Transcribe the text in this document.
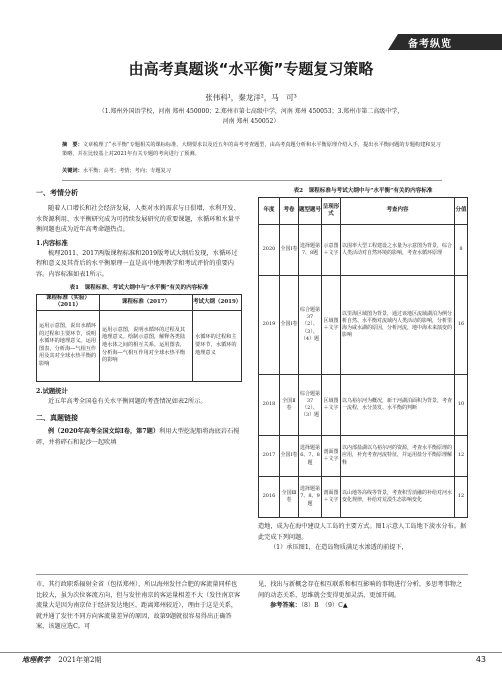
备考纵览
由高考真题谈“水平衡”专题复习策略
张伟科¹，秦龙洋²，马　可³
（1.郑州外国语学校，河南 郑州 450000；2.郑州市第七高级中学，河南 郑州 450053；3.郑州市第二高级中学，
河南 郑州 450052）
摘　要：文章梳理了“水平衡”专题相关的课标标准、大纲要求以及近五年的高考考查题型，由高考真题分析和水平衡原理介绍入手，提出水平衡问题的专题构建和复习策略，并在比较基上对2021年有关专题的考向进行了预测。
关键词：水平衡；高考；考情；考向；专题复习
一、考情分析
随着人口增长和社会经济发展，人类对水的需求与日俱增，水利开发、水资源利用、水平衡研究成为可持续发展研究的重要课题，水循环和水量平衡问题也成为近年高考命题热点。
1.内容标准
梳理2011、2017两版课程标准和2019版考试大纲后发现，水循环过程和意义及其背后的水平衡原理一直是高中地理教学和考试评价的重要内容。内容标准如表1所示。
表1　课程标准、考试大纲中与“水平衡”有关的内容标准
课程标准（实验）（2011）	课程标准（2017）	考试大纲（2019）
运用示意图，说出水循环的过程和主要环节，说明水循环的地理意义。运用图表，分析海—气相互作用及其对全球水热平衡的影响	运用示意图，说明水循环的过程及其地理意义。绘制示意图，解释各类陆地水体之间的相互关系。运用图表，分析海—气相互作用对全球水热平衡的影响	水循环的过程和主要环节，水循环的地理意义
2.试题统计
近五年高考全国卷有关水平衡问题的考查情况如表2所示。
二、真题链接
例（2020年高考全国文综Ⅰ卷，第7题）利用大型挖泥船将海底岩石搅碎，并将碎石和泥沙一起吹填
表2　课程标准与考试大纲中与“水平衡”有关的内容标准
年度	考卷	题型题号	呈现形式	考查内容	分值
2020	全国Ⅰ卷	选择题第7、8题	示意图＋文字	以围率大型工程建设之水量为示意图为背景，综合人类活动对自然环境的影响，考查水循环原理	8
2019	全国Ⅰ卷	综合题第37（2）、（3）、（4）题	区域图＋文字	以里海区域图为背景，通过该地区流域湖泊为例分析自然、水平衡对流域内人类活动的影响，分析里海为咸水湖的原因，分析河流，地中海未来演变的影响	16
2018	全国Ⅱ卷	综合题第37（2）、（3）题	区域图＋文字	以乌裕尔河为概况，新干河湖泊面积为背景，考查一流程，水分蒸发、水平衡的判断	10
2017	全国Ⅰ卷	选择题第6、7、8题	剖面图＋文字	以内部盐湖以乌裕尔河的资源，考查水平衡原理的应用，补充考查河流特征，并运用盐分平衡原理解释	12
2016	全国Ⅲ卷	选择题第7、8、9题	剖面图＋文字	以山地等高线等背景，考查积雪消融的补给对河水变化规律，补给对荒漠生态影响变化	12
造地，成为在海中建设人工岛的主要方式。图1示意人工岛地下淡水分布。据此完成下列问题。
（1）承压图1，在造岛物质满足水渗透的前提下，
市，其行政职系辐射全省（包括郑州），所以海州发往合肥的客流量同样也比较大，虽为次位客流方向，但与发往南京的客运量相差不大（发往南京客流量大是因为南京位于经济发达地区，距离郑州较近），理由于这是关系，就并通了发往不同方向客流量差异的原因，故第9题就很容易得出正确答案，该题应选C。可
见，找出与新概念存在相互联系和相互影响的事物进行分析，多思考事物之间的动态关系，思维就会变得更加灵活，更加开阔。
参考答案：（8）B　（9）C▲
地理教学 2021年第2期	43
